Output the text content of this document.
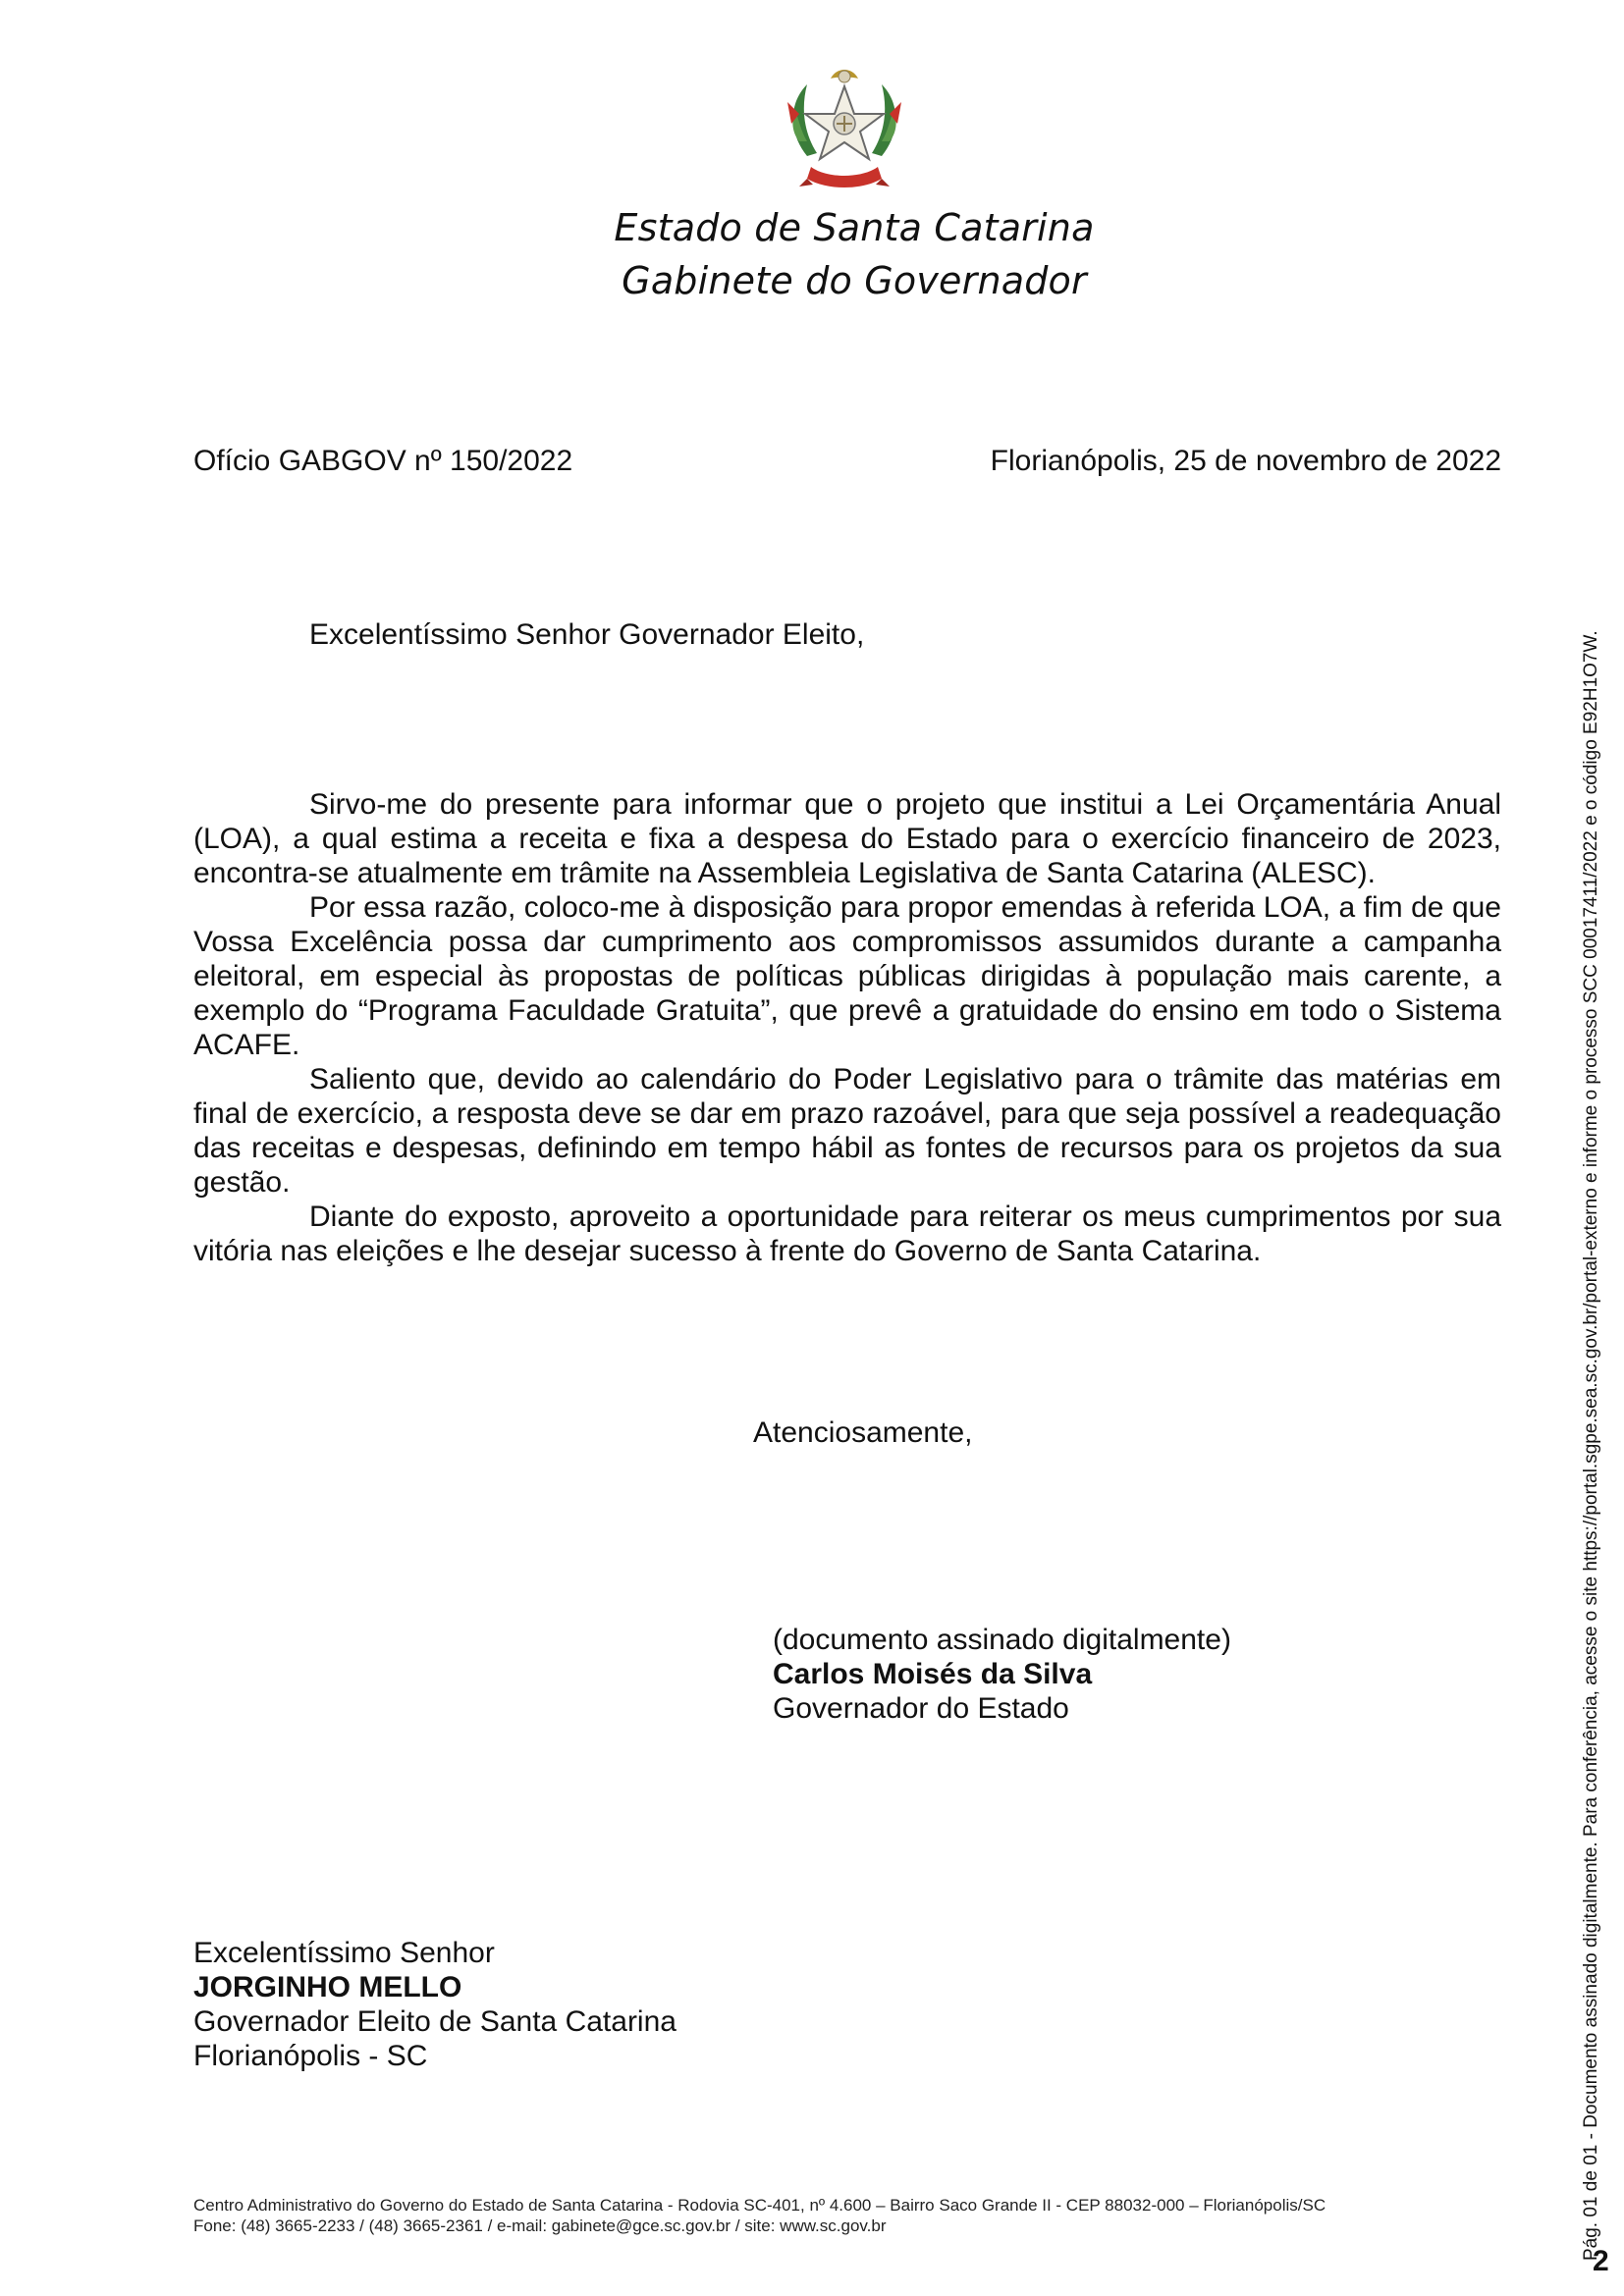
Estado de Santa Catarina
Gabinete do Governador
Ofício GABGOV nº 150/2022	Florianópolis, 25 de novembro de 2022
Excelentíssimo Senhor Governador Eleito,

Sirvo-me do presente para informar que o projeto que institui a Lei Orçamentária Anual (LOA), a qual estima a receita e fixa a despesa do Estado para o exercício financeiro de 2023, encontra-se atualmente em trâmite na Assembleia Legislativa de Santa Catarina (ALESC).

Por essa razão, coloco-me à disposição para propor emendas à referida LOA, a fim de que Vossa Excelência possa dar cumprimento aos compromissos assumidos durante a campanha eleitoral, em especial às propostas de políticas públicas dirigidas à população mais carente, a exemplo do “Programa Faculdade Gratuita”, que prevê a gratuidade do ensino em todo o Sistema ACAFE.

Saliento que, devido ao calendário do Poder Legislativo para o trâmite das matérias em final de exercício, a resposta deve se dar em prazo razoável, para que seja possível a readequação das receitas e despesas, definindo em tempo hábil as fontes de recursos para os projetos da sua gestão.

Diante do exposto, aproveito a oportunidade para reiterar os meus cumprimentos por sua vitória nas eleições e lhe desejar sucesso à frente do Governo de Santa Catarina.

Atenciosamente,
(documento assinado digitalmente)
Carlos Moisés da Silva
Governador do Estado
Excelentíssimo Senhor
JORGINHO MELLO
Governador Eleito de Santa Catarina
Florianópolis - SC
Centro Administrativo do Governo do Estado de Santa Catarina - Rodovia SC-401, nº 4.600 – Bairro Saco Grande II - CEP 88032-000 – Florianópolis/SC
Fone: (48) 3665-2233 / (48) 3665-2361 / e-mail: gabinete@gce.sc.gov.br / site: www.sc.gov.br	Pág. 01 de 01 - Documento assinado digitalmente. Para conferência, acesse o site https://portal.sgpe.sea.sc.gov.br/portal-externo e informe o processo SCC 00017411/2022 e o código E92H1O7W.
2
